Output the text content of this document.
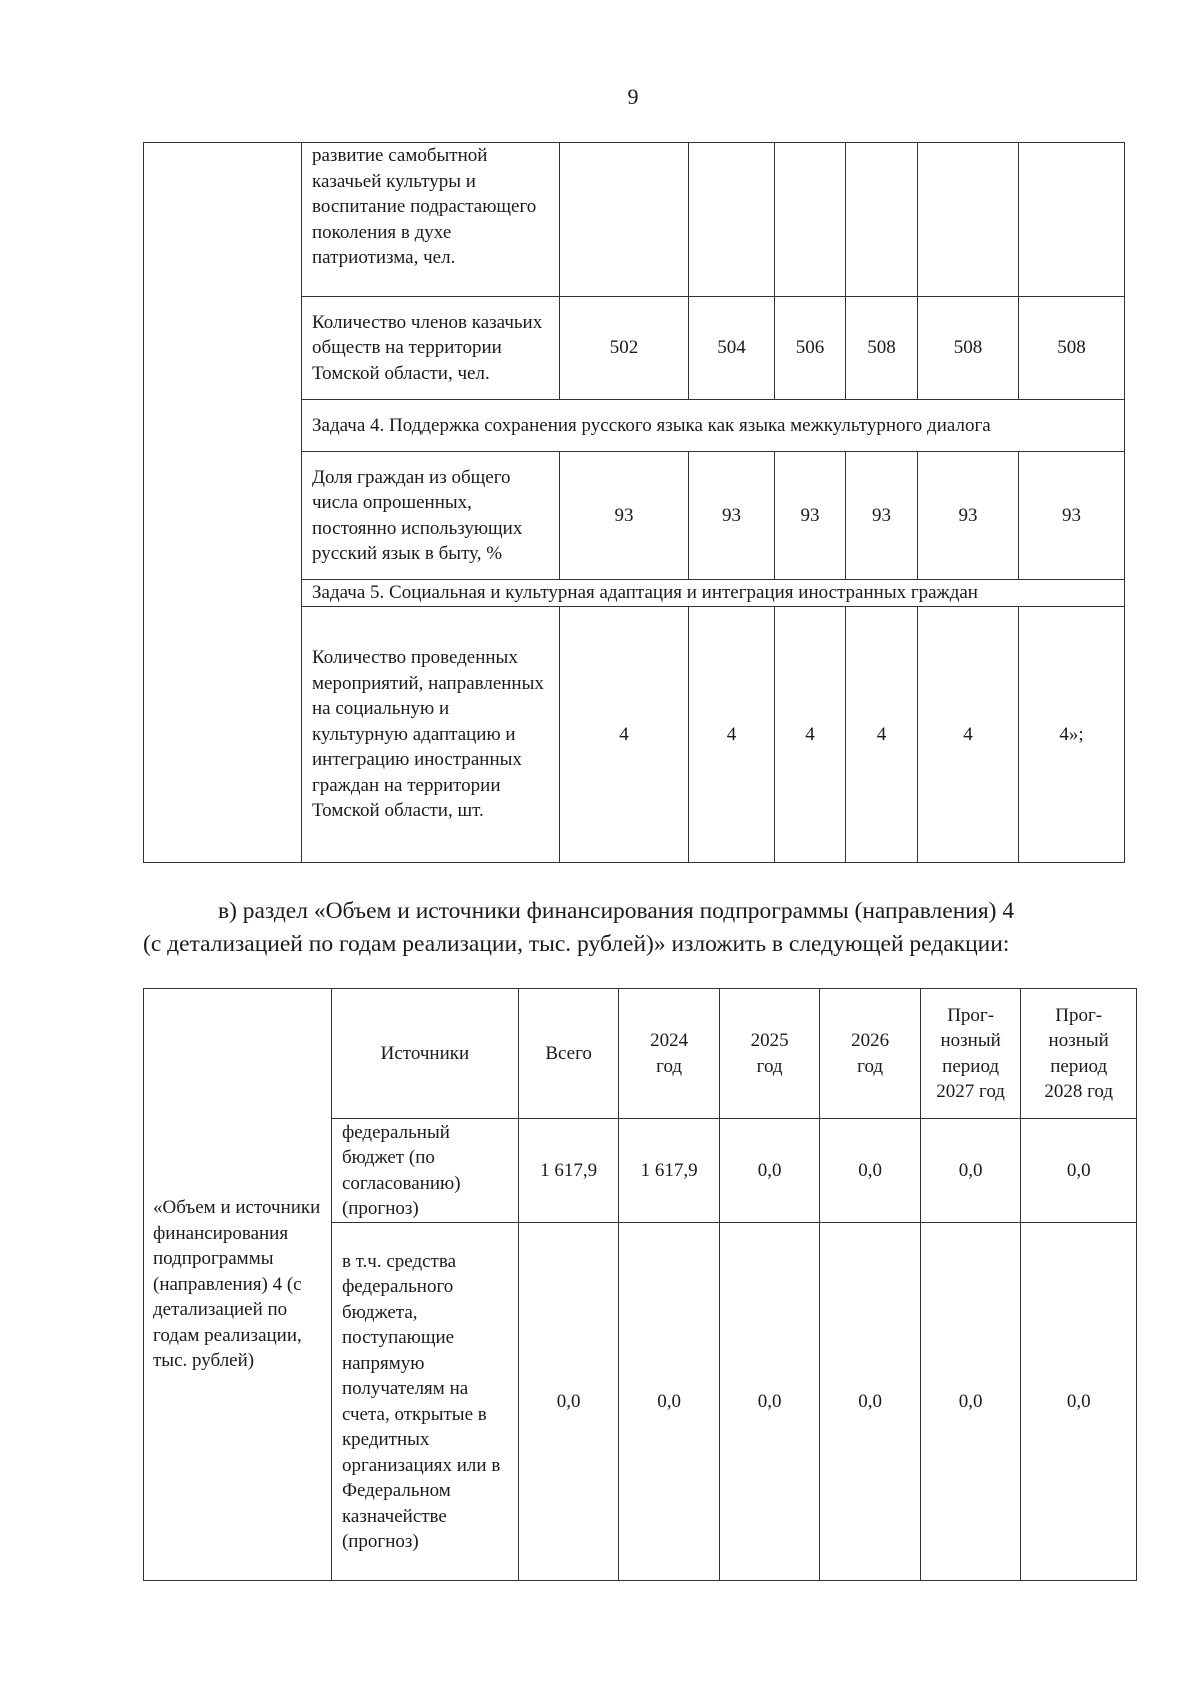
9
	развитие самобытной казачьей культуры и воспитание подрастающего поколения в духе патриотизма, чел.						
	Количество членов казачьих обществ на территории Томской области, чел.	502	504	506	508	508	508
	Задача 4. Поддержка сохранения русского языка как языка межкультурного диалога						
	Доля граждан из общего числа опрошенных, постоянно использующих русский язык в быту, %	93	93	93	93	93	93
	Задача 5. Социальная и культурная адаптация и интеграция иностранных граждан						
	Количество проведенных мероприятий, направленных на социальную и культурную адаптацию и интеграцию иностранных граждан на территории Томской области, шт.	4	4	4	4	4	4»;
в) раздел «Объем и источники финансирования подпрограммы (направления) 4
(с детализацией по годам реализации, тыс. рублей)» изложить в следующей редакции:
«Объем и источники финансирования подпрограммы (направления) 4 (с детализацией по годам реализации, тыс. рублей)	Источники	Всего	2024 год	2025 год	2026 год	Прог-нозный период 2027 год	Прог-нозный период 2028 год
	федеральный бюджет (по согласованию) (прогноз)	1 617,9	1 617,9	0,0	0,0	0,0	0,0
	в т.ч. средства федерального бюджета, поступающие напрямую получателям на счета, открытые в кредитных организациях или в Федеральном казначействе (прогноз)	0,0	0,0	0,0	0,0	0,0	0,0
